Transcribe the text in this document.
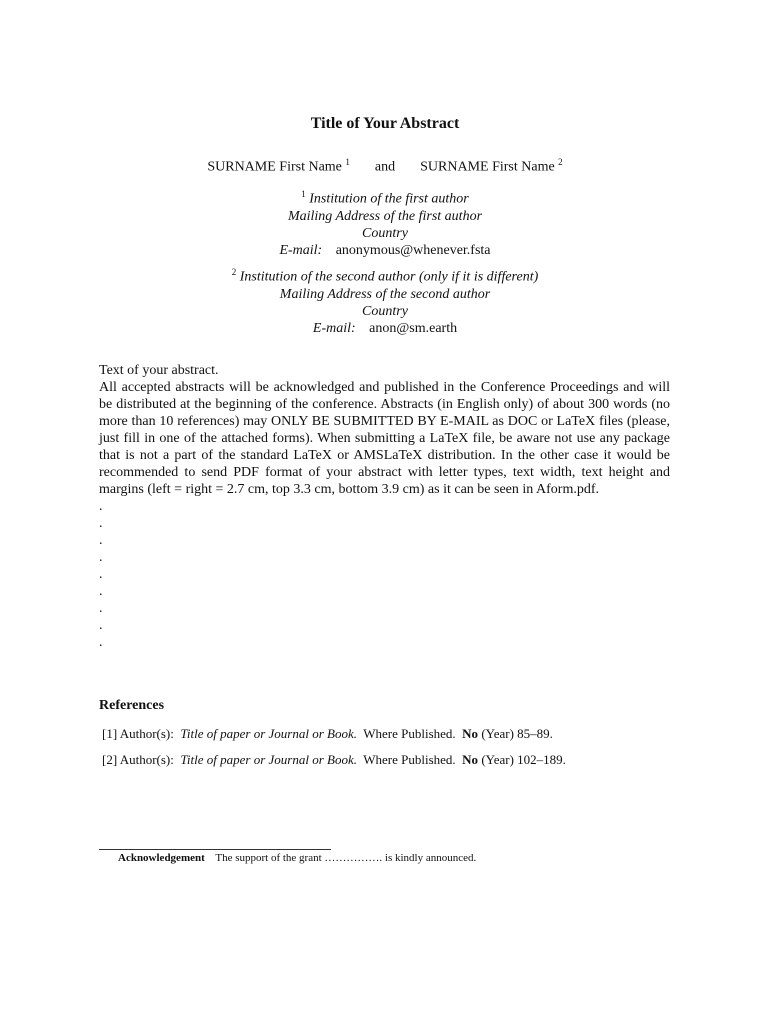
Title of Your Abstract
SURNAME First Name $^1$ and SURNAME First Name $^2$
$^1$ Institution of the first author
Mailing Address of the first author
Country
E-mail: anonymous@whenever.fsta
$^2$ Institution of the second author (only if it is different)
Mailing Address of the second author
Country
E-mail: anon@sm.earth

Text of your abstract.

All accepted abstracts will be acknowledged and published in the Conference Proceedings and will be distributed at the beginning of the conference. Abstracts (in English only) of about 300 words (no more than 10 references) may ONLY BE SUBMITTED BY E-MAIL as DOC or LaTeX files (please, just fill in one of the attached forms). When submitting a LaTeX file, be aware not use any package that is not a part of the standard LaTeX or AMSLaTeX distribution. In the other case it would be recommended to send PDF format of your abstract with letter types, text width, text height and margins (left = right = 2.7 cm, top 3.3 cm, bottom 3.9 cm) as it can be seen in Aform.pdf.

.
.
.
.
.
.
.
.
.
References
[1] Author(s): Title of paper or Journal or Book. Where Published. No (Year) 85–89.
[2] Author(s): Title of paper or Journal or Book. Where Published. No (Year) 102–189.
Acknowledgement The support of the grant ……………. is kindly announced.
